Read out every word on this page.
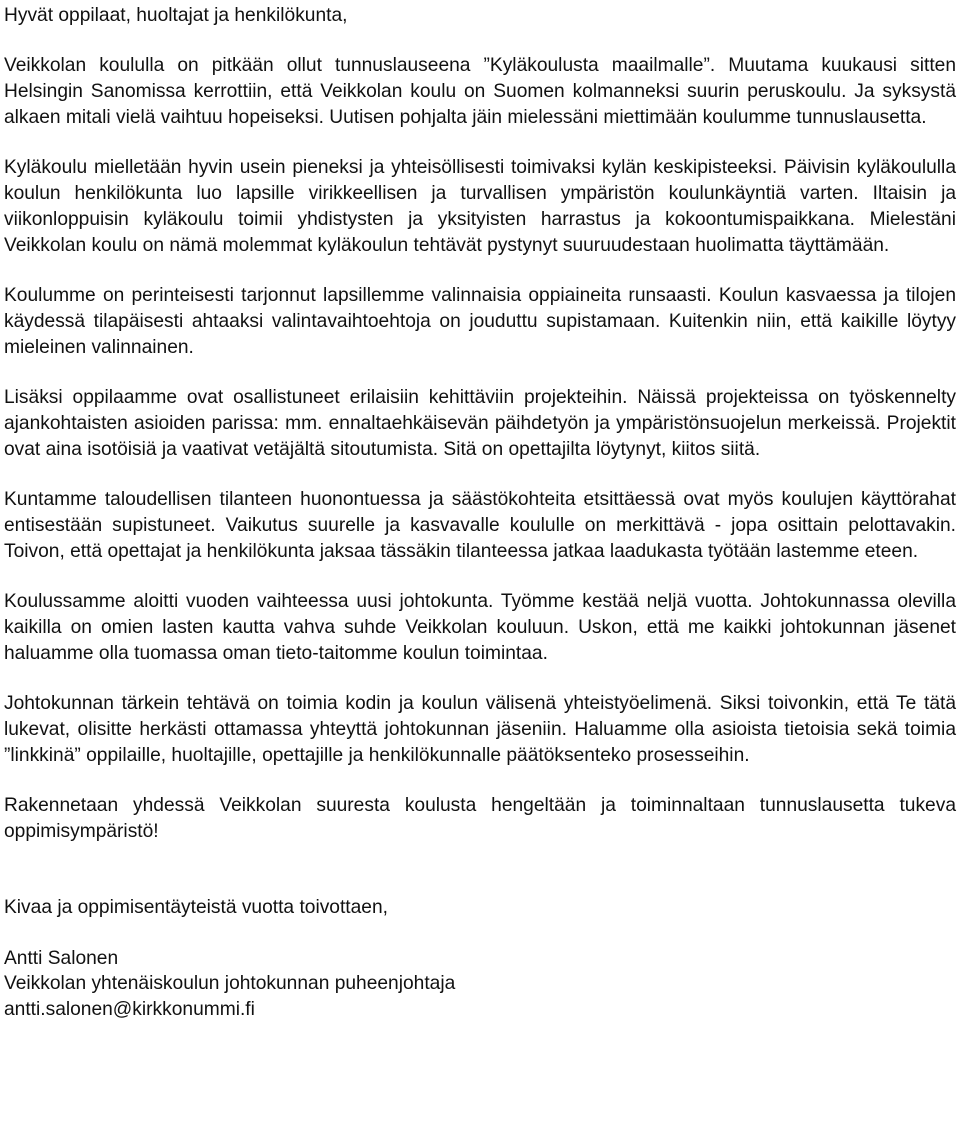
Hyvät oppilaat, huoltajat ja henkilökunta,

Veikkolan koululla on pitkään ollut tunnuslauseena ”Kyläkoulusta maailmalle”. Muutama kuukausi sitten Helsingin Sanomissa kerrottiin, että Veikkolan koulu on Suomen kolmanneksi suurin peruskoulu. Ja syksystä alkaen mitali vielä vaihtuu hopeiseksi. Uutisen pohjalta jäin mielessäni miettimään koulumme tunnuslausetta.

Kyläkoulu mielletään hyvin usein pieneksi ja yhteisöllisesti toimivaksi kylän keskipisteeksi. Päivisin kyläkoululla koulun henkilökunta luo lapsille virikkeellisen ja turvallisen ympäristön koulunkäyntiä varten. Iltaisin ja viikonloppuisin kyläkoulu toimii yhdistysten ja yksityisten harrastus ja kokoontumispaikkana. Mielestäni Veikkolan koulu on nämä molemmat kyläkoulun tehtävät pystynyt suuruudestaan huolimatta täyttämään.

Koulumme on perinteisesti tarjonnut lapsillemme valinnaisia oppiaineita runsaasti. Koulun kasvaessa ja tilojen käydessä tilapäisesti ahtaaksi valintavaihtoehtoja on jouduttu supistamaan. Kuitenkin niin, että kaikille löytyy mieleinen valinnainen.

Lisäksi oppilaamme ovat osallistuneet erilaisiin kehittäviin projekteihin. Näissä projekteissa on työskennelty ajankohtaisten asioiden parissa: mm. ennaltaehkäisevän päihdetyön ja ympäristönsuojelun merkeissä. Projektit ovat aina isotöisiä ja vaativat vetäjältä sitoutumista. Sitä on opettajilta löytynyt, kiitos siitä.

Kuntamme taloudellisen tilanteen huonontuessa ja säästökohteita etsittäessä ovat myös koulujen käyttörahat entisestään supistuneet. Vaikutus suurelle ja kasvavalle koululle on merkittävä - jopa osittain pelottavakin. Toivon, että opettajat ja henkilökunta jaksaa tässäkin tilanteessa jatkaa laadukasta työtään lastemme eteen.

Koulussamme aloitti vuoden vaihteessa uusi johtokunta. Työmme kestää neljä vuotta. Johtokunnassa olevilla kaikilla on omien lasten kautta vahva suhde Veikkolan kouluun. Uskon, että me kaikki johtokunnan jäsenet haluamme olla tuomassa oman tieto-taitomme koulun toimintaa.

Johtokunnan tärkein tehtävä on toimia kodin ja koulun välisenä yhteistyöelimenä. Siksi toivonkin, että Te tätä lukevat, olisitte herkästi ottamassa yhteyttä johtokunnan jäseniin. Haluamme olla asioista tietoisia sekä toimia ”linkkinä” oppilaille, huoltajille, opettajille ja henkilökunnalle päätöksenteko prosesseihin.

Rakennetaan yhdessä Veikkolan suuresta koulusta hengeltään ja toiminnaltaan tunnuslausetta tukeva oppimisympäristö!

Kivaa ja oppimisentäyteistä vuotta toivottaen,

Antti Salonen
Veikkolan yhtenäiskoulun johtokunnan puheenjohtaja
antti.salonen@kirkkonummi.fi
